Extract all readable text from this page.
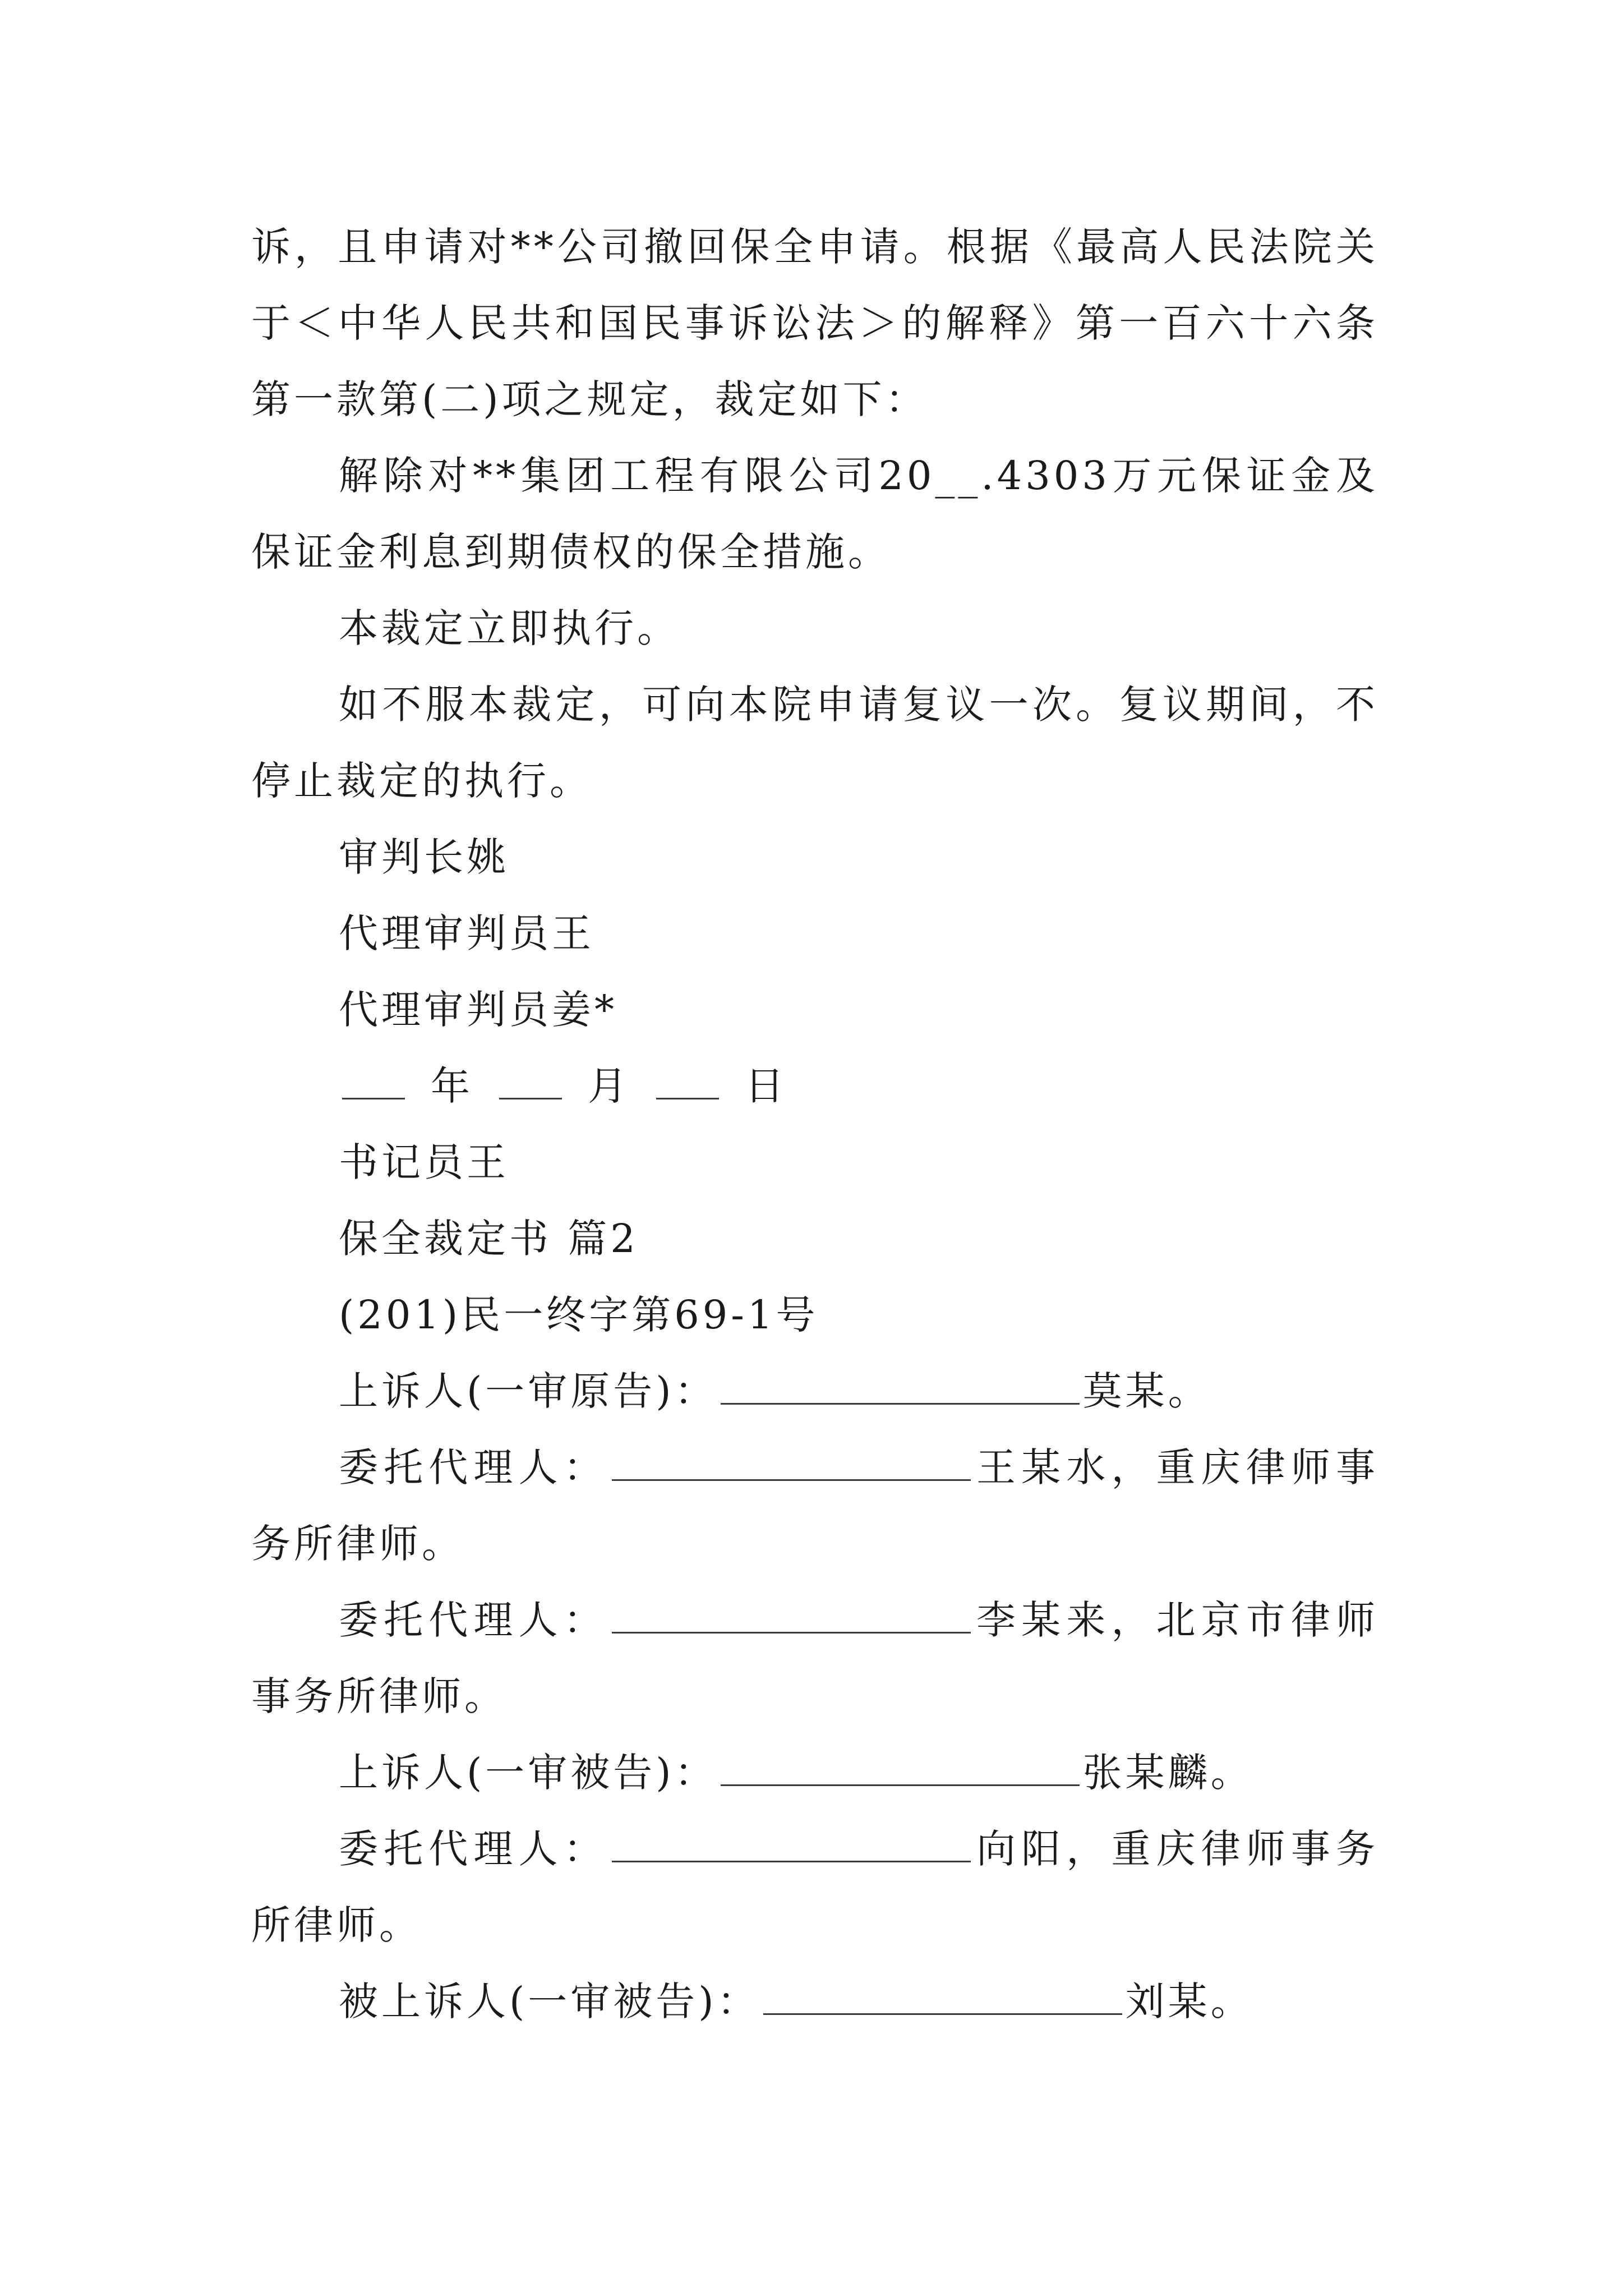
诉，且申请对**公司撤回保全申请。根据《最高人民法院关于＜中华人民共和国民事诉讼法＞的解释》第一百六十六条第一款第(二)项之规定，裁定如下：

解除对**集团工程有限公司20__.4303万元保证金及保证金利息到期债权的保全措施。

本裁定立即执行。

如不服本裁定，可向本院申请复议一次。复议期间，不停止裁定的执行。

审判长姚

代理审判员王

代理审判员姜*

年	月	日

书记员王

保全裁定书 篇2

(201)民一终字第69-1号

上诉人(一审原告)：	莫某。

委托代理人：	王某水，重庆律师事务所律师。

委托代理人：	李某来，北京市律师事务所律师。

上诉人(一审被告)：	张某麟。

委托代理人：	向阳，重庆律师事务所律师。

被上诉人(一审被告)：	刘某。
